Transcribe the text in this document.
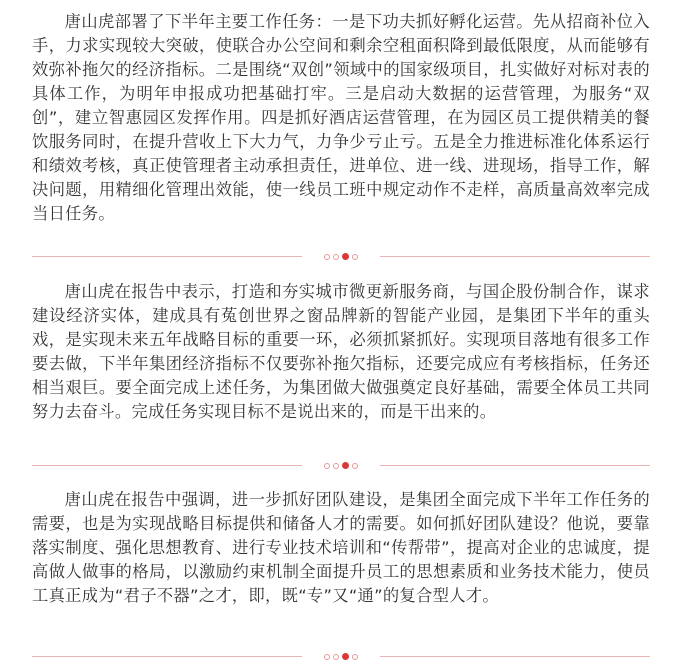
唐山虎部署了下半年主要工作任务：一是下功夫抓好孵化运营。先从招商补位入手，力求实现较大突破，使联合办公空间和剩余空租面积降到最低限度，从而能够有效弥补拖欠的经济指标。二是围绕“双创”领域中的国家级项目，扎实做好对标对表的具体工作，为明年申报成功把基础打牢。三是启动大数据的运营管理，为服务“双创”，建立智惠园区发挥作用。四是抓好酒店运营管理，在为园区员工提供精美的餐饮服务同时，在提升营收上下大力气，力争少亏止亏。五是全力推进标准化体系运行和绩效考核，真正使管理者主动承担责任，进单位、进一线、进现场，指导工作，解决问题，用精细化管理出效能，使一线员工班中规定动作不走样，高质量高效率完成当日任务。

唐山虎在报告中表示，打造和夯实城市微更新服务商，与国企股份制合作，谋求建设经济实体，建成具有菟创世界之窗品牌新的智能产业园，是集团下半年的重头戏，是实现未来五年战略目标的重要一环，必须抓紧抓好。实现项目落地有很多工作要去做，下半年集团经济指标不仅要弥补拖欠指标，还要完成应有考核指标，任务还相当艰巨。要全面完成上述任务，为集团做大做强奠定良好基础，需要全体员工共同努力去奋斗。完成任务实现目标不是说出来的，而是干出来的。

唐山虎在报告中强调，进一步抓好团队建设，是集团全面完成下半年工作任务的需要，也是为实现战略目标提供和储备人才的需要。如何抓好团队建设？他说，要靠落实制度、强化思想教育、进行专业技术培训和“传帮带”，提高对企业的忠诚度，提高做人做事的格局，以激励约束机制全面提升员工的思想素质和业务技术能力，使员工真正成为“君子不器”之才，即，既“专”又“通”的复合型人才。
